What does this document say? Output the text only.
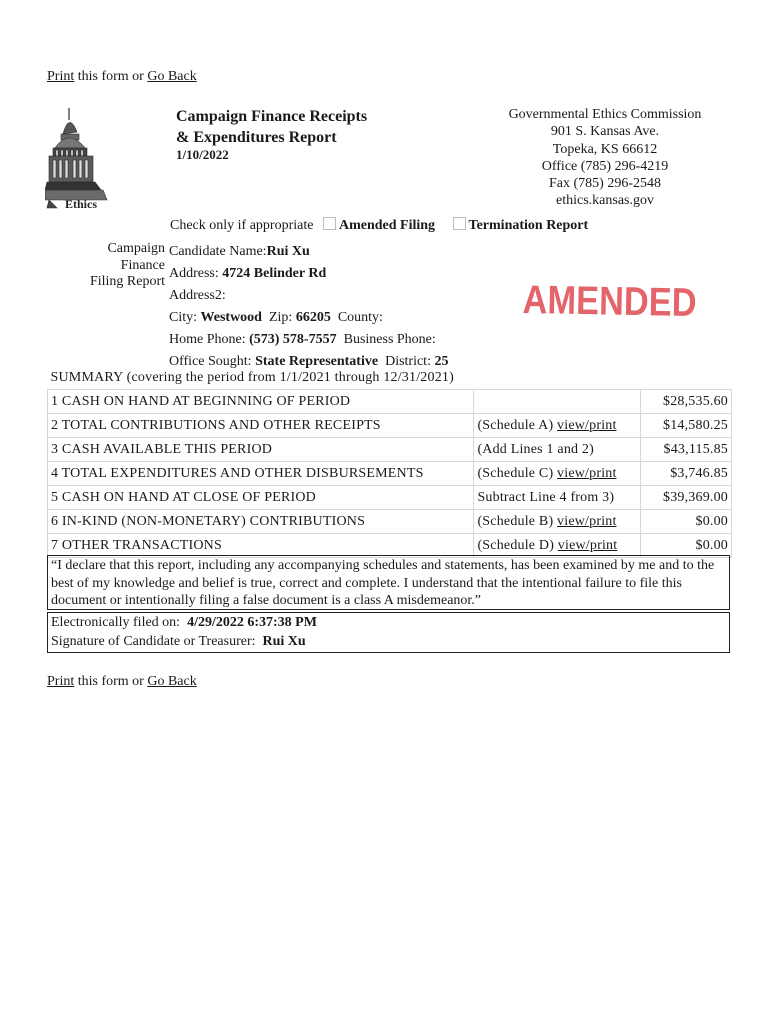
Print this form or Go Back
Ethics
Campaign Finance Receipts
& Expenditures Report
1/10/2022
Governmental Ethics Commission
901 S. Kansas Ave.
Topeka, KS 66612
Office (785) 296-4219
Fax (785) 296-2548
ethics.kansas.gov
Check only if appropriate Amended Filing Termination Report
Campaign
Finance
Filing Report
Candidate Name:Rui Xu
Address: 4724 Belinder Rd
Address2:
City: Westwood Zip: 66205 County:
Home Phone: (573) 578-7557 Business Phone:
Office Sought: State Representative District: 25
AMENDED
SUMMARY (covering the period from 1/1/2021 through 12/31/2021)		
1 CASH ON HAND AT BEGINNING OF PERIOD		$28,535.60
2 TOTAL CONTRIBUTIONS AND OTHER RECEIPTS	(Schedule A) view/print	$14,580.25
3 CASH AVAILABLE THIS PERIOD	(Add Lines 1 and 2)	$43,115.85
4 TOTAL EXPENDITURES AND OTHER DISBURSEMENTS	(Schedule C) view/print	$3,746.85
5 CASH ON HAND AT CLOSE OF PERIOD	Subtract Line 4 from 3)	$39,369.00
6 IN-KIND (NON-MONETARY) CONTRIBUTIONS	(Schedule B) view/print	$0.00
7 OTHER TRANSACTIONS	(Schedule D) view/print	$0.00
“I declare that this report, including any accompanying schedules and statements, has been examined by me and to the best of my knowledge and belief is true, correct and complete. I understand that the intentional failure to file this document or intentionally filing a false document is a class A misdemeanor.”
Electronically filed on: 4/29/2022 6:37:38 PM
Signature of Candidate or Treasurer: Rui Xu
Print this form or Go Back
